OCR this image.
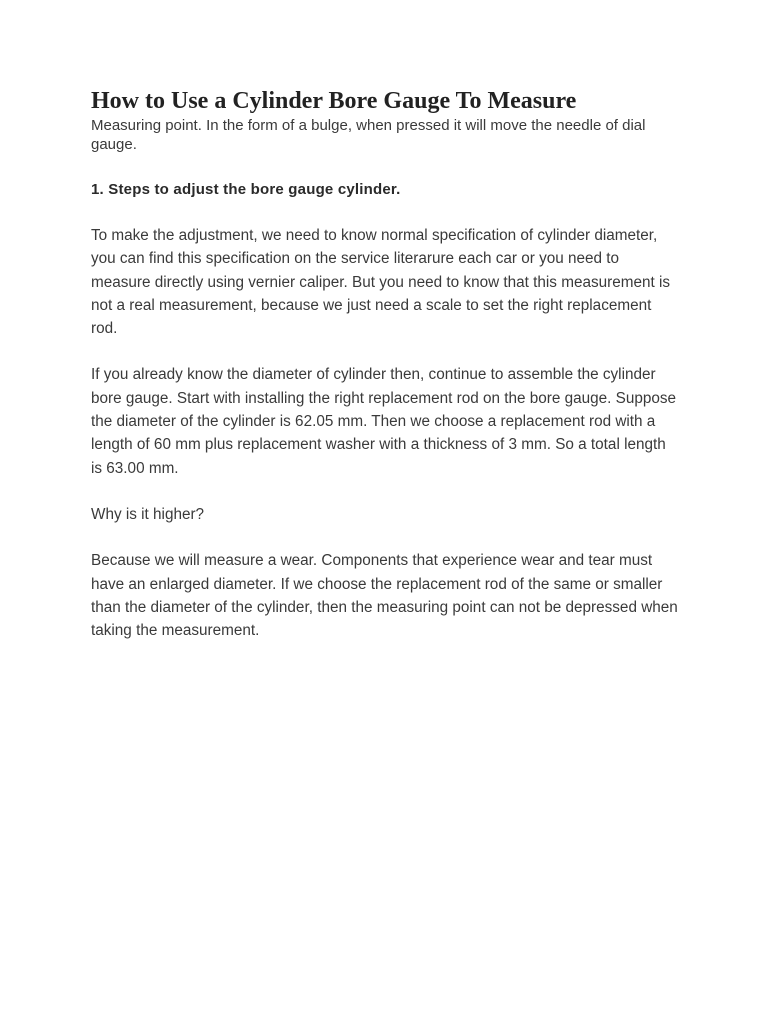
How to Use a Cylinder Bore Gauge To Measure

Measuring point. In the form of a bulge, when pressed it will move the needle of dial gauge.

1. Steps to adjust the bore gauge cylinder.

To make the adjustment, we need to know normal specification of cylinder diameter, you can find this specification on the service literarure each car or you need to measure directly using vernier caliper. But you need to know that this measurement is not a real measurement, because we just need a scale to set the right replacement rod.

If you already know the diameter of cylinder then, continue to assemble the cylinder bore gauge. Start with installing the right replacement rod on the bore gauge. Suppose the diameter of the cylinder is 62.05 mm. Then we choose a replacement rod with a length of 60 mm plus replacement washer with a thickness of 3 mm. So a total length is 63.00 mm.

Why is it higher?

Because we will measure a wear. Components that experience wear and tear must have an enlarged diameter. If we choose the replacement rod of the same or smaller than the diameter of the cylinder, then the measuring point can not be depressed when taking the measurement.
